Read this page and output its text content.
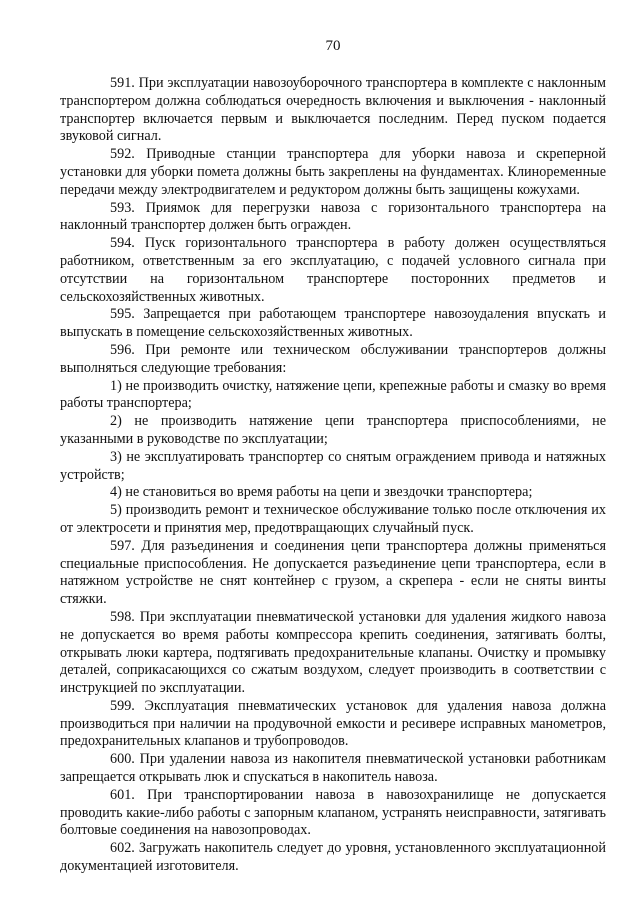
70

591. При эксплуатации навозоуборочного транспортера в комплекте с наклонным транспортером должна соблюдаться очередность включения и выключения - наклонный транспортер включается первым и выключается последним. Перед пуском подается звуковой сигнал.

592. Приводные станции транспортера для уборки навоза и скреперной установки для уборки помета должны быть закреплены на фундаментах. Клиноременные передачи между электродвигателем и редуктором должны быть защищены кожухами.

593. Приямок для перегрузки навоза с горизонтального транспортера на наклонный транспортер должен быть огражден.

594. Пуск горизонтального транспортера в работу должен осуществляться работником, ответственным за его эксплуатацию, с подачей условного сигнала при отсутствии на горизонтальном транспортере посторонних предметов и сельскохозяйственных животных.

595. Запрещается при работающем транспортере навозоудаления впускать и выпускать в помещение сельскохозяйственных животных.

596. При ремонте или техническом обслуживании транспортеров должны выполняться следующие требования:

1) не производить очистку, натяжение цепи, крепежные работы и смазку во время работы транспортера;

2) не производить натяжение цепи транспортера приспособлениями, не указанными в руководстве по эксплуатации;

3) не эксплуатировать транспортер со снятым ограждением привода и натяжных устройств;

4) не становиться во время работы на цепи и звездочки транспортера;

5) производить ремонт и техническое обслуживание только после отключения их от электросети и принятия мер, предотвращающих случайный пуск.

597. Для разъединения и соединения цепи транспортера должны применяться специальные приспособления. Не допускается разъединение цепи транспортера, если в натяжном устройстве не снят контейнер с грузом, а скрепера - если не сняты винты стяжки.

598. При эксплуатации пневматической установки для удаления жидкого навоза не допускается во время работы компрессора крепить соединения, затягивать болты, открывать люки картера, подтягивать предохранительные клапаны. Очистку и промывку деталей, соприкасающихся со сжатым воздухом, следует производить в соответствии с инструкцией по эксплуатации.

599. Эксплуатация пневматических установок для удаления навоза должна производиться при наличии на продувочной емкости и ресивере исправных манометров, предохранительных клапанов и трубопроводов.

600. При удалении навоза из накопителя пневматической установки работникам запрещается открывать люк и спускаться в накопитель навоза.

601. При транспортировании навоза в навозохранилище не допускается проводить какие-либо работы с запорным клапаном, устранять неисправности, затягивать болтовые соединения на навозопроводах.

602. Загружать накопитель следует до уровня, установленного эксплуатационной документацией изготовителя.
